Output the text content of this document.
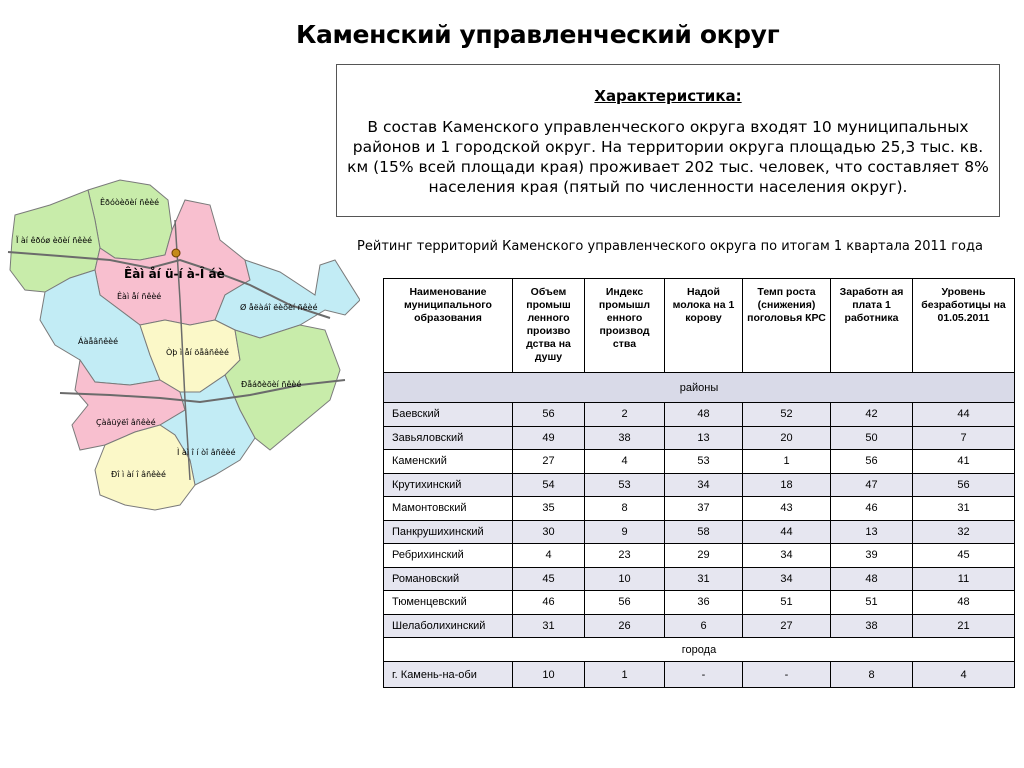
Каменский управленческий округ
Характеристика:
В состав Каменского управленческого округа входят 10 муниципальных районов и 1 городской округ. На территории округа площадью 25,3 тыс. кв. км (15% всей площади края) проживает 202 тыс. человек, что составляет 8% населения края (пятый по численности населения округ).
Рейтинг территорий Каменского управленческого округа по итогам 1 квартала 2011 года
Êðóòèõèí ñêèé
Ï àí êðóø èõèí ñêèé
Êàì åí ü-í à-Î áè
Êàì åí ñêèé
Ø åëàáî ëèõèí ñêèé
Áàåâñêèé
Òþ ì åí öåâñêèé
Ðåáðèõèí ñêèé
Çàâüÿëî âñêèé
Ì àì î í òî âñêèé
Ðî ì àí î âñêèé
Наименование муниципального образования	Объем промыш ленного произво дства на душу	Индекс промышл енного производ ства	Надой молока на 1 корову	Темп роста (снижения) поголовья КРС	Заработн ая плата 1 работника	Уровень безработицы на 01.05.2011
районы						
Баевский	56	2	48	52	42	44
Завьяловский	49	38	13	20	50	7
Каменский	27	4	53	1	56	41
Крутихинский	54	53	34	18	47	56
Мамонтовский	35	8	37	43	46	31
Панкрушихинский	30	9	58	44	13	32
Ребрихинский	4	23	29	34	39	45
Романовский	45	10	31	34	48	11
Тюменцевский	46	56	36	51	51	48
Шелаболихинский	31	26	6	27	38	21
города						
г. Камень-на-оби	10	1	-	-	8	4
